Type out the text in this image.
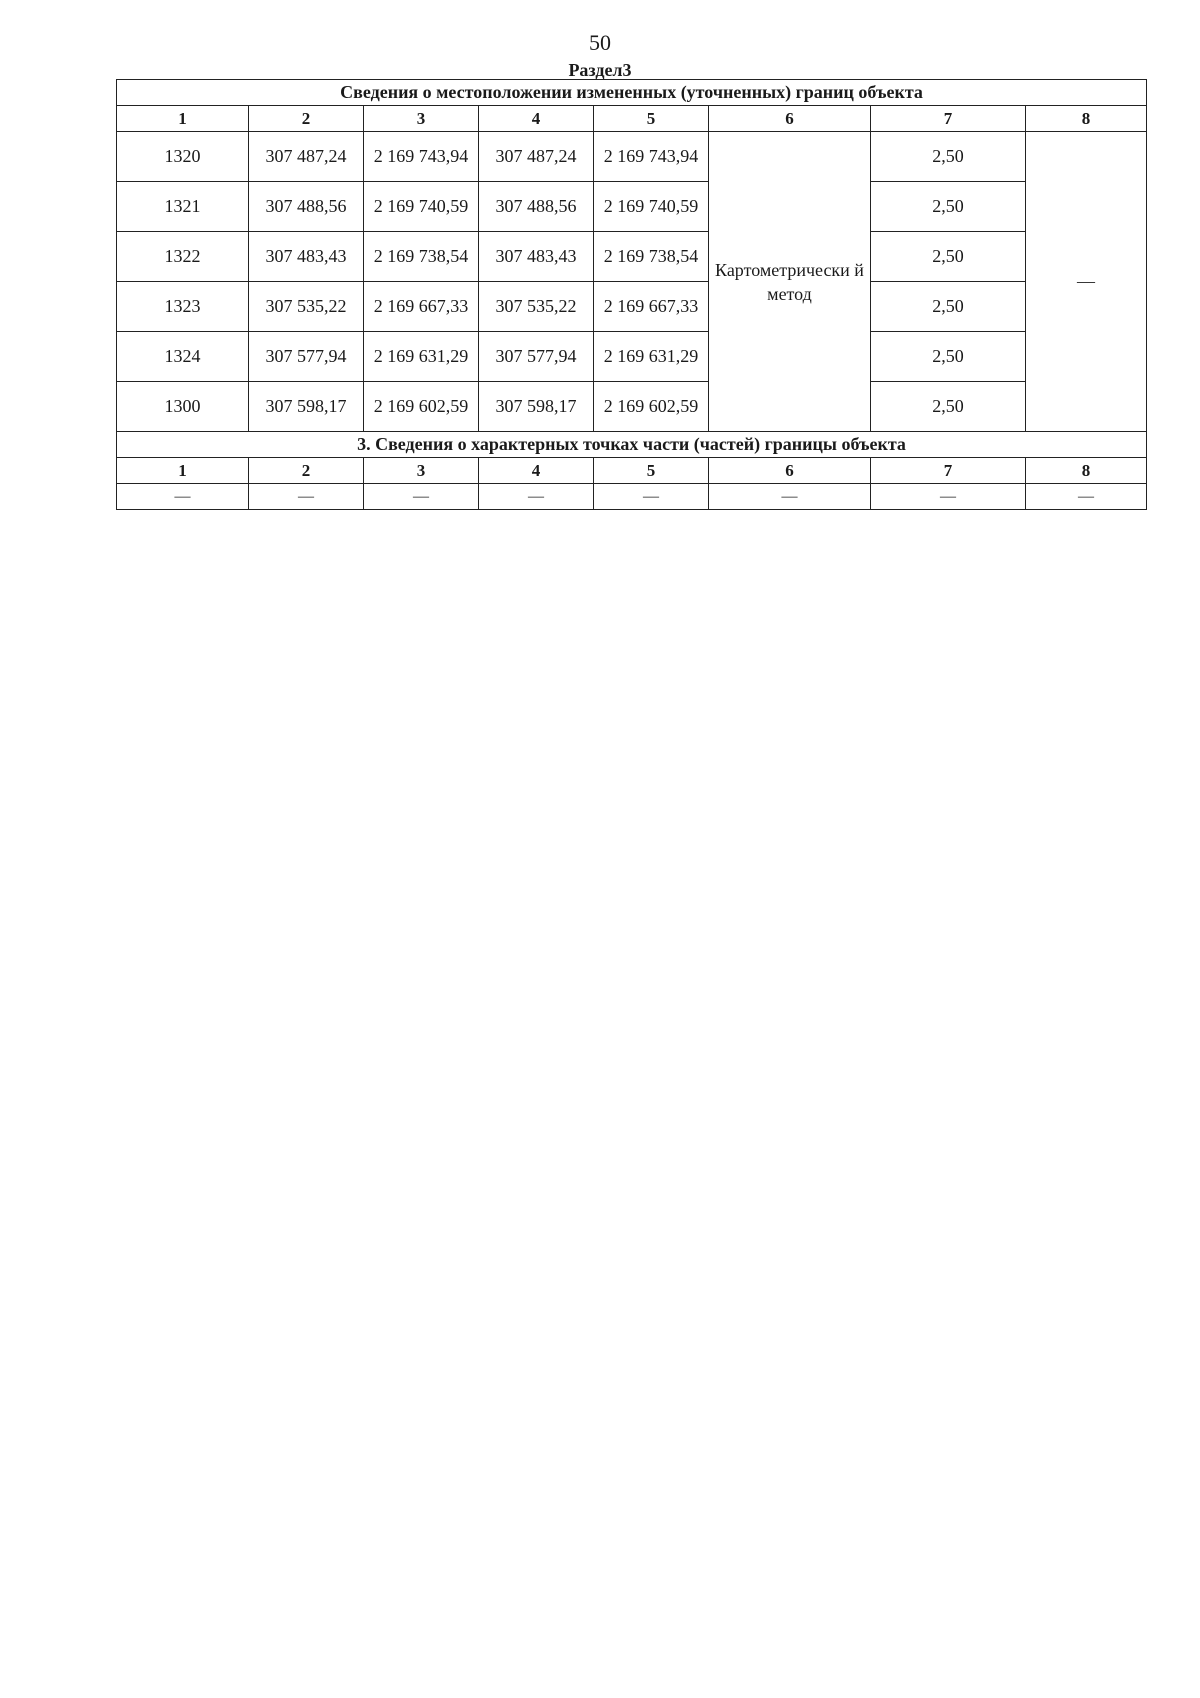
50
Раздел3
Сведения о местоположении измененных (уточненных) границ объекта							
1	2	3	4	5	6	7	8
1320	307 487,24	2 169 743,94	307 487,24	2 169 743,94	Картометрически й метод	2,50	—
1321	307 488,56	2 169 740,59	307 488,56	2 169 740,59		2,50	
1322	307 483,43	2 169 738,54	307 483,43	2 169 738,54		2,50	
1323	307 535,22	2 169 667,33	307 535,22	2 169 667,33		2,50	
1324	307 577,94	2 169 631,29	307 577,94	2 169 631,29		2,50	
1300	307 598,17	2 169 602,59	307 598,17	2 169 602,59		2,50	
3. Сведения о характерных точках части (частей) границы объекта							
1	2	3	4	5	6	7	8
—	—	—	—	—	—	—	—
